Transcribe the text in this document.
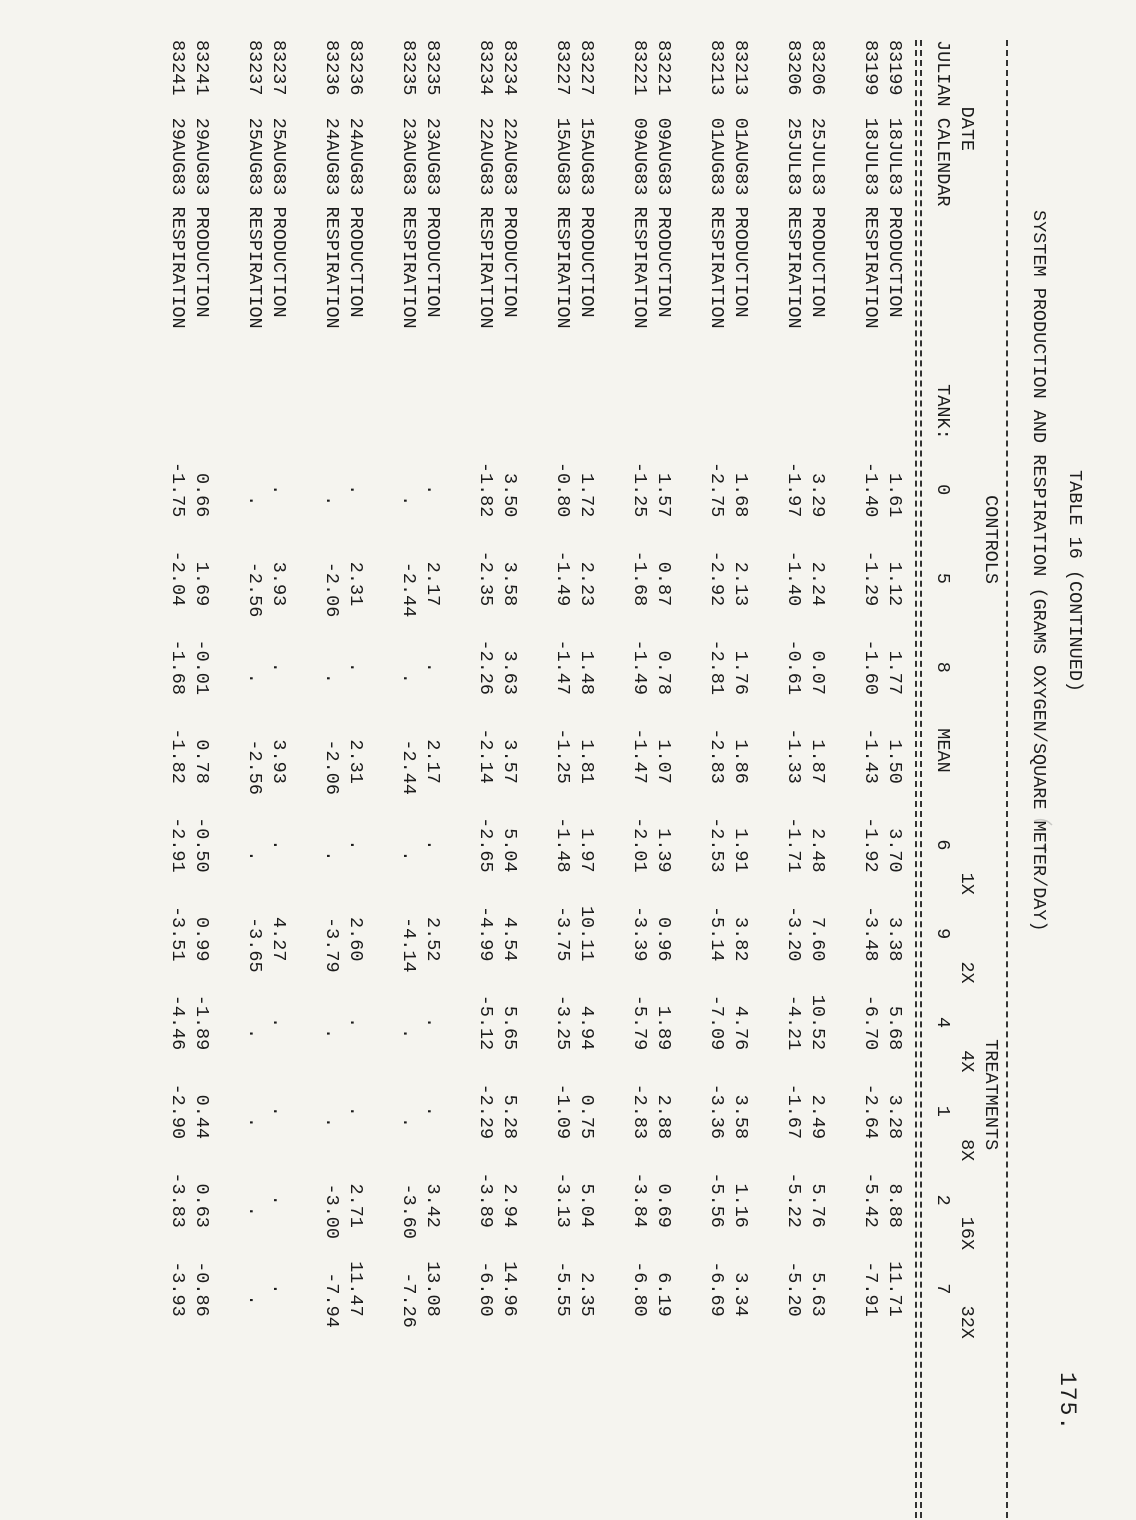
175.
TABLE 16 (CONTINUED)
SYSTEM PRODUCTION AND RESPIRATION (GRAMS OXYGEN/SQUARE METER/DAY)
CONTROLS                                         TREATMENTS
DATE                                                                 1X      2X      4X      8X     16X     32X
JULIAN CALENDAR                TANK:    0       5       8     MEAN      6       9       4       1       2       7
83199  18JUL83 PRODUCTION              1.61    1.12    1.77    1.50    3.70    3.38    5.68    3.28    8.88   11.71
83199  18JUL83 RESPIRATION            -1.40   -1.29   -1.60   -1.43   -1.92   -3.48   -6.70   -2.64   -5.42   -7.91
83206  25JUL83 PRODUCTION              3.29    2.24    0.07    1.87    2.48    7.60   10.52    2.49    5.76    5.63
83206  25JUL83 RESPIRATION            -1.97   -1.40   -0.61   -1.33   -1.71   -3.20   -4.21   -1.67   -5.22   -5.20
83213  01AUG83 PRODUCTION              1.68    2.13    1.76    1.86    1.91    3.82    4.76    3.58    1.16    3.34
83213  01AUG83 RESPIRATION            -2.75   -2.92   -2.81   -2.83   -2.53   -5.14   -7.09   -3.36   -5.56   -6.69
83221  09AUG83 PRODUCTION              1.57    0.87    0.78    1.07    1.39    0.96    1.89    2.88    0.69    6.19
83221  09AUG83 RESPIRATION            -1.25   -1.68   -1.49   -1.47   -2.01   -3.39   -5.79   -2.83   -3.84   -6.80
83227  15AUG83 PRODUCTION              1.72    2.23    1.48    1.81    1.97   10.11    4.94    0.75    5.04    2.35
83227  15AUG83 RESPIRATION            -0.80   -1.49   -1.47   -1.25   -1.48   -3.75   -3.25   -1.09   -3.13   -5.55
83234  22AUG83 PRODUCTION              3.50    3.58    3.63    3.57    5.04    4.54    5.65    5.28    2.94   14.96
83234  22AUG83 RESPIRATION            -1.82   -2.35   -2.26   -2.14   -2.65   -4.99   -5.12   -2.29   -3.89   -6.60
83235  23AUG83 PRODUCTION               .      2.17     .      2.17     .      2.52     .       .      3.42   13.08
83235  23AUG83 RESPIRATION               .     -2.44     .     -2.44     .     -4.14     .       .     -3.60   -7.26
83236  24AUG83 PRODUCTION               .      2.31     .      2.31     .      2.60     .       .      2.71   11.47
83236  24AUG83 RESPIRATION               .     -2.06     .     -2.06     .     -3.79     .       .     -3.00   -7.94
83237  25AUG83 PRODUCTION               .      3.93     .      3.93     .      4.27     .       .       .       .
83237  25AUG83 RESPIRATION               .     -2.56     .     -2.56     .     -3.65     .       .       .       .
83241  29AUG83 PRODUCTION              0.66    1.69   -0.01    0.78   -0.50    0.99   -1.89    0.44    0.63   -0.86
83241  29AUG83 RESPIRATION            -1.75   -2.04   -1.68   -1.82   -2.91   -3.51   -4.46   -2.90   -3.83   -3.93
